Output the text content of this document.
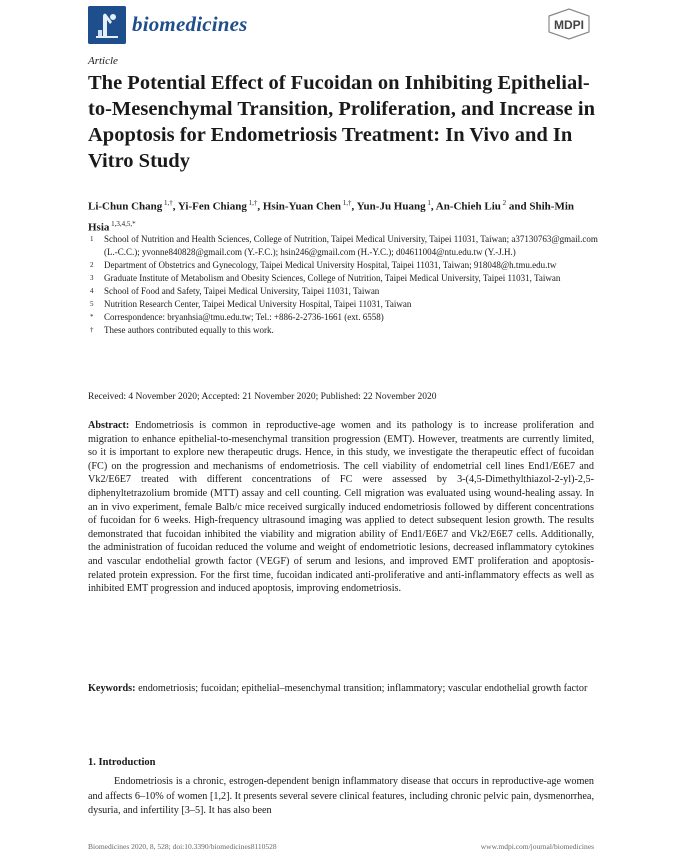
biomedicines	MDPI
Article
The Potential Effect of Fucoidan on Inhibiting Epithelial-to-Mesenchymal Transition, Proliferation, and Increase in Apoptosis for Endometriosis Treatment: In Vivo and In Vitro Study
Li-Chun Chang $^{1,\dagger}$, Yi-Fen Chiang $^{1,\dagger}$, Hsin-Yuan Chen $^{1,\dagger}$, Yun-Ju Huang $^1$, An-Chieh Liu $^2$ and Shih-Min Hsia $^{1,3,4,5,*}$
1 School of Nutrition and Health Sciences, College of Nutrition, Taipei Medical University, Taipei 11031, Taiwan; a37130763@gmail.com (L.-C.C.); yvonne840828@gmail.com (Y.-F.C.); hsin246@gmail.com (H.-Y.C.); d04611004@ntu.edu.tw (Y.-J.H.)
2 Department of Obstetrics and Gynecology, Taipei Medical University Hospital, Taipei 11031, Taiwan; 918048@h.tmu.edu.tw
3 Graduate Institute of Metabolism and Obesity Sciences, College of Nutrition, Taipei Medical University, Taipei 11031, Taiwan
4 School of Food and Safety, Taipei Medical University, Taipei 11031, Taiwan
5 Nutrition Research Center, Taipei Medical University Hospital, Taipei 11031, Taiwan
* Correspondence: bryanhsia@tmu.edu.tw; Tel.: +886-2-2736-1661 (ext. 6558)
† These authors contributed equally to this work.
Received: 4 November 2020; Accepted: 21 November 2020; Published: 22 November 2020
Abstract: Endometriosis is common in reproductive-age women and its pathology is to increase proliferation and migration to enhance epithelial-to-mesenchymal transition progression (EMT). However, treatments are currently limited, so it is important to explore new therapeutic drugs. Hence, in this study, we investigate the therapeutic effect of fucoidan (FC) on the progression and mechanisms of endometriosis. The cell viability of endometrial cell lines End1/E6E7 and Vk2/E6E7 treated with different concentrations of FC were assessed by 3-(4,5-Dimethylthiazol-2-yl)-2,5-diphenyltetrazolium bromide (MTT) assay and cell counting. Cell migration was evaluated using wound-healing assay. In an in vivo experiment, female Balb/c mice received surgically induced endometriosis followed by different concentrations of fucoidan for 6 weeks. High-frequency ultrasound imaging was applied to detect subsequent lesion growth. The results demonstrated that fucoidan inhibited the viability and migration ability of End1/E6E7 and Vk2/E6E7 cells. Additionally, the administration of fucoidan reduced the volume and weight of endometriotic lesions, decreased inflammatory cytokines and vascular endothelial growth factor (VEGF) of serum and lesions, and improved EMT proliferation and apoptosis-related protein expression. For the first time, fucoidan indicated anti-proliferative and anti-inflammatory effects as well as inhibited EMT progression and induced apoptosis, improving endometriosis.
Keywords: endometriosis; fucoidan; epithelial–mesenchymal transition; inflammatory; vascular endothelial growth factor
1. Introduction
Endometriosis is a chronic, estrogen-dependent benign inflammatory disease that occurs in reproductive-age women and affects 6–10% of women [1,2]. It presents several severe clinical features, including chronic pelvic pain, dysmenorrhea, dysuria, and infertility [3–5]. It has also been
Biomedicines 2020, 8, 528; doi:10.3390/biomedicines8110528	www.mdpi.com/journal/biomedicines
